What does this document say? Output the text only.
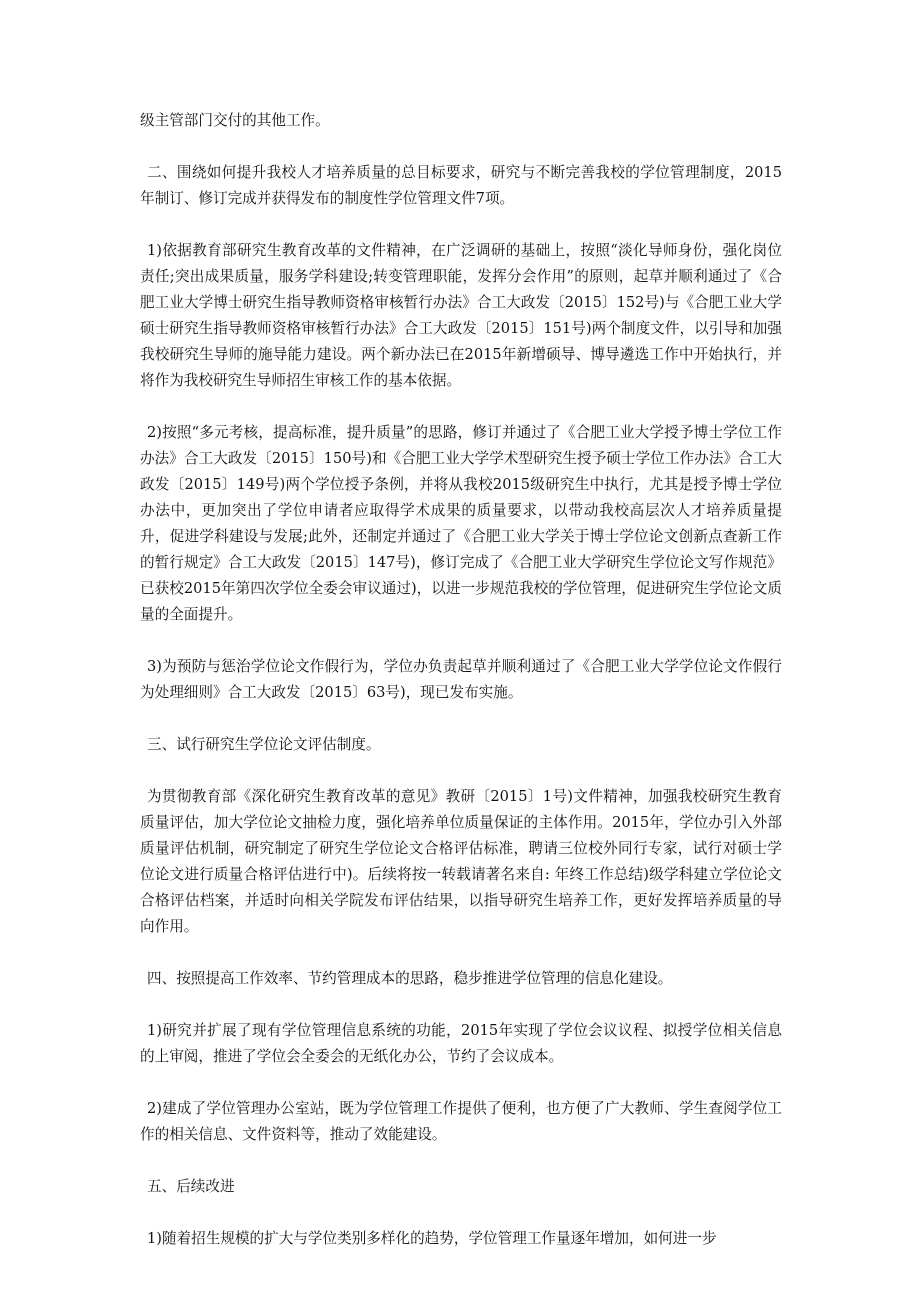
级主管部门交付的其他工作。

二、围绕如何提升我校人才培养质量的总目标要求，研究与不断完善我校的学位管理制度，2015年制订、修订完成并获得发布的制度性学位管理文件7项。

1)依据教育部研究生教育改革的文件精神，在广泛调研的基础上，按照“淡化导师身份，强化岗位责任;突出成果质量，服务学科建设;转变管理职能，发挥分会作用”的原则，起草并顺利通过了《合肥工业大学博士研究生指导教师资格审核暂行办法》合工大政发〔2015〕152号)与《合肥工业大学硕士研究生指导教师资格审核暂行办法》合工大政发〔2015〕151号)两个制度文件，以引导和加强我校研究生导师的施导能力建设。两个新办法已在2015年新增硕导、博导遴选工作中开始执行，并将作为我校研究生导师招生审核工作的基本依据。

2)按照“多元考核，提高标准，提升质量”的思路，修订并通过了《合肥工业大学授予博士学位工作办法》合工大政发〔2015〕150号)和《合肥工业大学学术型研究生授予硕士学位工作办法》合工大政发〔2015〕149号)两个学位授予条例，并将从我校2015级研究生中执行，尤其是授予博士学位办法中，更加突出了学位申请者应取得学术成果的质量要求，以带动我校高层次人才培养质量提升，促进学科建设与发展;此外，还制定并通过了《合肥工业大学关于博士学位论文创新点查新工作的暂行规定》合工大政发〔2015〕147号)，修订完成了《合肥工业大学研究生学位论文写作规范》已获校2015年第四次学位全委会审议通过)，以进一步规范我校的学位管理，促进研究生学位论文质量的全面提升。

3)为预防与惩治学位论文作假行为，学位办负责起草并顺利通过了《合肥工业大学学位论文作假行为处理细则》合工大政发〔2015〕63号)，现已发布实施。

三、试行研究生学位论文评估制度。

为贯彻教育部《深化研究生教育改革的意见》教研〔2015〕1号)文件精神，加强我校研究生教育质量评估，加大学位论文抽检力度，强化培养单位质量保证的主体作用。2015年，学位办引入外部质量评估机制，研究制定了研究生学位论文合格评估标准，聘请三位校外同行专家，试行对硕士学位论文进行质量合格评估进行中)。后续将按一转载请著名来自: 年终工作总结)级学科建立学位论文合格评估档案，并适时向相关学院发布评估结果，以指导研究生培养工作，更好发挥培养质量的导向作用。

四、按照提高工作效率、节约管理成本的思路，稳步推进学位管理的信息化建设。

1)研究并扩展了现有学位管理信息系统的功能，2015年实现了学位会议议程、拟授学位相关信息的上审阅，推进了学位会全委会的无纸化办公，节约了会议成本。

2)建成了学位管理办公室站，既为学位管理工作提供了便利，也方便了广大教师、学生查阅学位工作的相关信息、文件资料等，推动了效能建设。

五、后续改进

1)随着招生规模的扩大与学位类别多样化的趋势，学位管理工作量逐年增加，如何进一步
